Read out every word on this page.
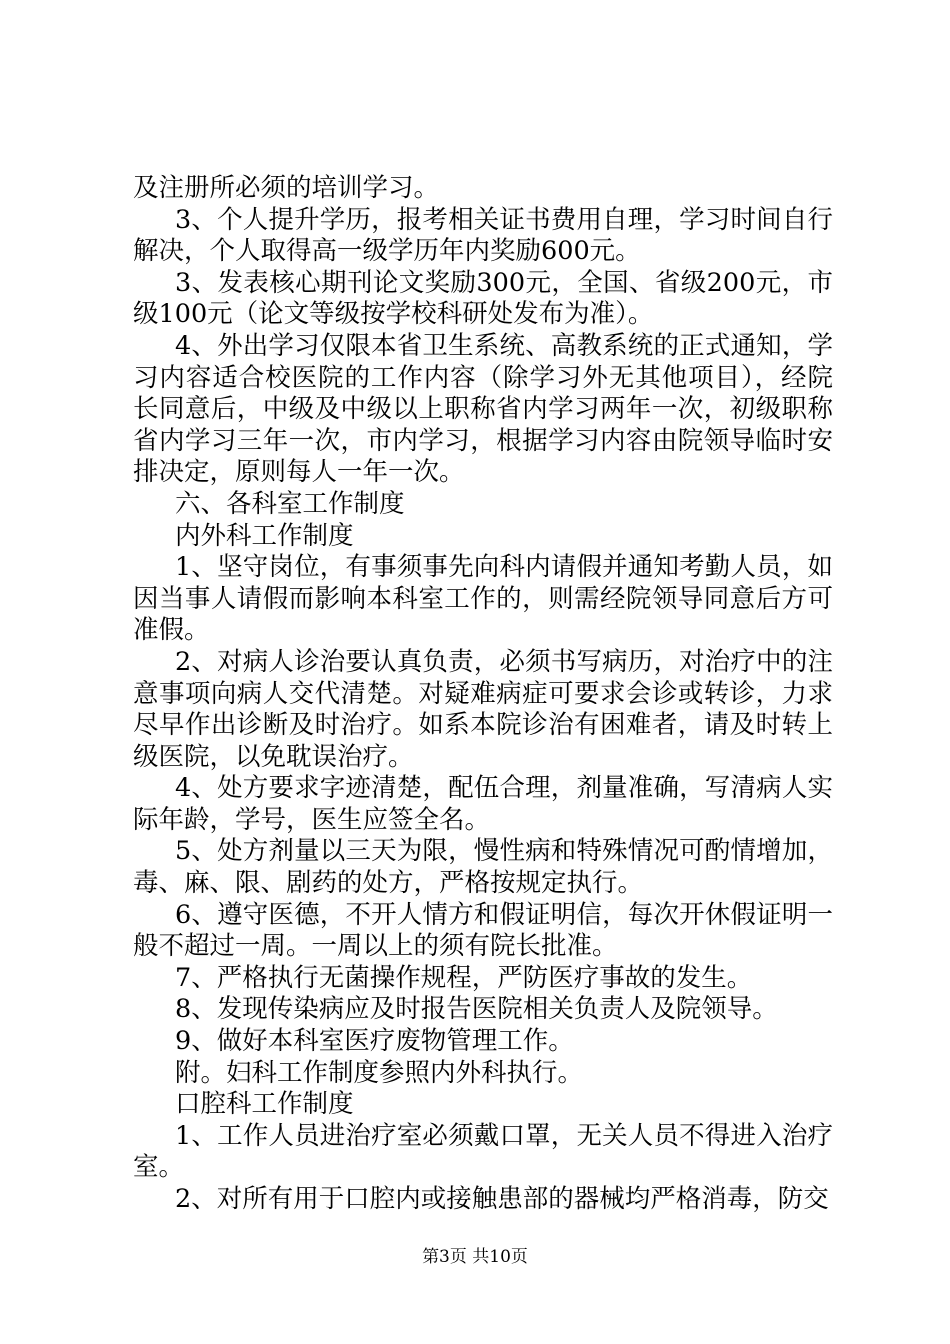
及注册所必须的培训学习。

3、个人提升学历，报考相关证书费用自理，学习时间自行解决，个人取得高一级学历年内奖励600元。

3、发表核心期刊论文奖励300元，全国、省级200元，市级100元（论文等级按学校科研处发布为准）。

4、外出学习仅限本省卫生系统、高教系统的正式通知，学习内容适合校医院的工作内容（除学习外无其他项目），经院长同意后，中级及中级以上职称省内学习两年一次，初级职称省内学习三年一次，市内学习，根据学习内容由院领导临时安排决定，原则每人一年一次。

六、各科室工作制度

内外科工作制度

1、坚守岗位，有事须事先向科内请假并通知考勤人员，如因当事人请假而影响本科室工作的，则需经院领导同意后方可准假。

2、对病人诊治要认真负责，必须书写病历，对治疗中的注意事项向病人交代清楚。对疑难病症可要求会诊或转诊，力求尽早作出诊断及时治疗。如系本院诊治有困难者，请及时转上级医院，以免耽误治疗。

4、处方要求字迹清楚，配伍合理，剂量准确，写清病人实际年龄，学号，医生应签全名。

5、处方剂量以三天为限，慢性病和特殊情况可酌情增加，毒、麻、限、剧药的处方，严格按规定执行。

6、遵守医德，不开人情方和假证明信，每次开休假证明一般不超过一周。一周以上的须有院长批准。

7、严格执行无菌操作规程，严防医疗事故的发生。

8、发现传染病应及时报告医院相关负责人及院领导。

9、做好本科室医疗废物管理工作。

附。妇科工作制度参照内外科执行。

口腔科工作制度

1、工作人员进治疗室必须戴口罩，无关人员不得进入治疗室。

2、对所有用于口腔内或接触患部的器械均严格消毒，防交

第3页 共10页
